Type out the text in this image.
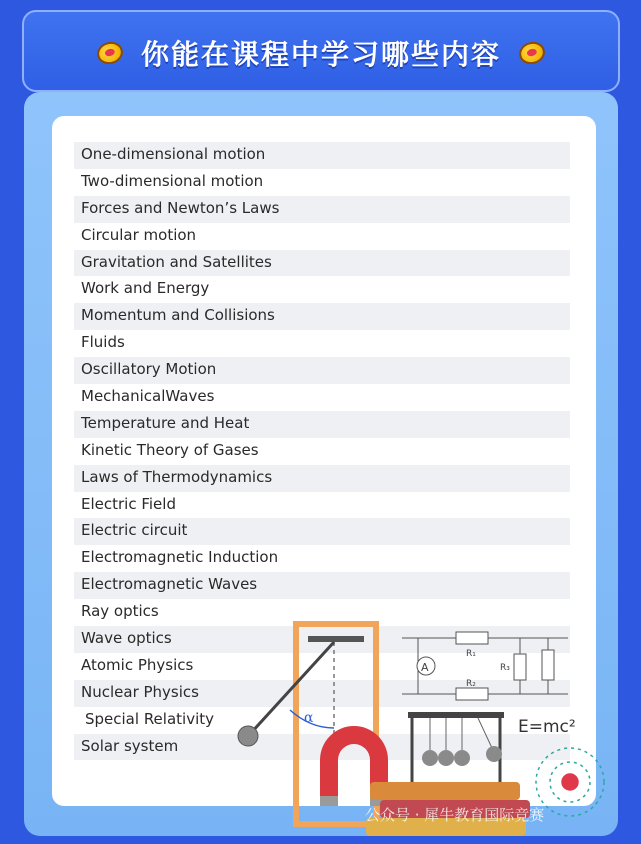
你能在课程中学习哪些内容
One-dimensional motion
Two-dimensional motion
Forces and Newton’s Laws
Circular motion
Gravitation and Satellites
Work and Energy
Momentum and Collisions
Fluids
Oscillatory Motion
MechanicalWaves
Temperature and Heat
Kinetic Theory of Gases
Laws of Thermodynamics
Electric Field
Electric circuit
Electromagnetic Induction
Electromagnetic Waves
Ray optics
Wave optics
Atomic Physics
Nuclear Physics
Special Relativity
Solar system
α
A
R₁
R₂
R₃
E=mc²
公众号 · 犀牛教育国际竞赛
